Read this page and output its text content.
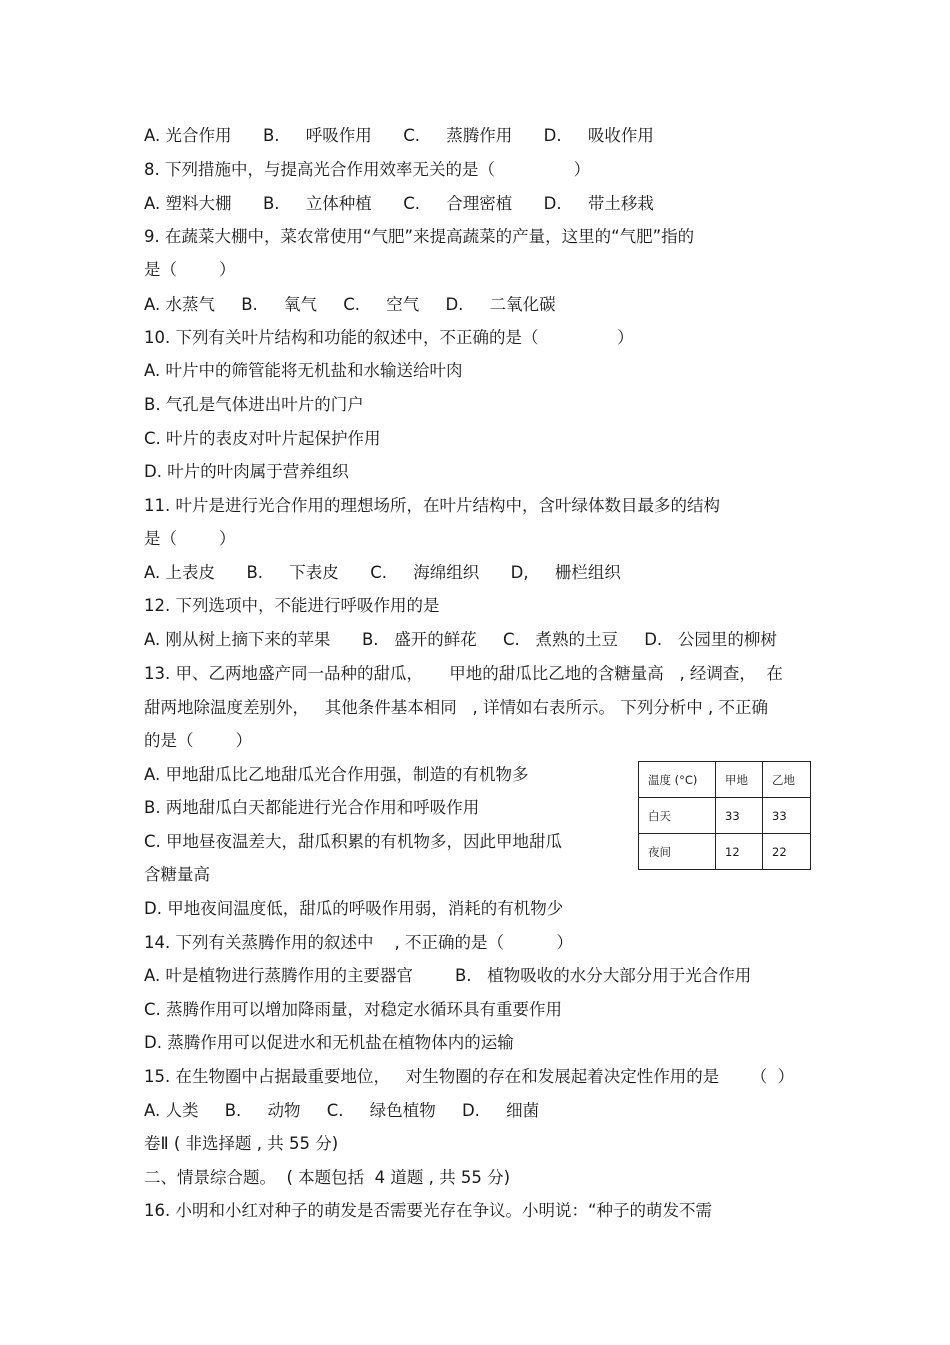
A. 光合作用      B.     呼吸作用      C.     蒸腾作用      D.     吸收作用
8. 下列措施中，与提高光合作用效率无关的是（               ）
A. 塑料大棚      B.     立体种植      C.     合理密植      D.     带土移栽
9. 在蔬菜大棚中，菜农常使用“气肥”来提高蔬菜的产量，这里的“气肥”指的
是（        ）
A. 水蒸气     B.     氧气     C.     空气     D.     二氧化碳
10. 下列有关叶片结构和功能的叙述中，不正确的是（               ）
A. 叶片中的筛管能将无机盐和水输送给叶肉
B. 气孔是气体进出叶片的门户
C. 叶片的表皮对叶片起保护作用
D. 叶片的叶肉属于营养组织
11. 叶片是进行光合作用的理想场所，在叶片结构中，含叶绿体数目最多的结构
是（        ）
A. 上表皮      B.     下表皮      C.     海绵组织      D,     栅栏组织
12. 下列选项中，不能进行呼吸作用的是
A. 刚从树上摘下来的苹果      B.   盛开的鲜花     C.   煮熟的土豆     D.   公园里的柳树
13. 甲、乙两地盛产同一品种的甜瓜，     甲地的甜瓜比乙地的含糖量高   , 经调查，  在
甜两地除温度差别外，   其他条件基本相同   , 详情如右表所示。 下列分析中 , 不正确
的是（        ）
A. 甲地甜瓜比乙地甜瓜光合作用强，制造的有机物多
B. 两地甜瓜白天都能进行光合作用和呼吸作用
C. 甲地昼夜温差大，甜瓜积累的有机物多，因此甲地甜瓜
含糖量高
D. 甲地夜间温度低，甜瓜的呼吸作用弱，消耗的有机物少
14. 下列有关蒸腾作用的叙述中    , 不正确的是（          ）
A. 叶是植物进行蒸腾作用的主要器官        B.   植物吸收的水分大部分用于光合作用
C. 蒸腾作用可以增加降雨量，对稳定水循环具有重要作用
D. 蒸腾作用可以促进水和无机盐在植物体内的运输
15. 在生物圈中占据最重要地位，   对生物圈的存在和发展起着决定性作用的是      （  ）
A. 人类     B.     动物     C.     绿色植物     D.     细菌
卷Ⅱ ( 非选择题 , 共 55 分)
二、情景综合题。  ( 本题包括  4 道题 , 共 55 分)
16. 小明和小红对种子的萌发是否需要光存在争议。小明说：“种子的萌发不需
温度 (°C)	甲地	乙地
白天	33	33
夜间	12	22
